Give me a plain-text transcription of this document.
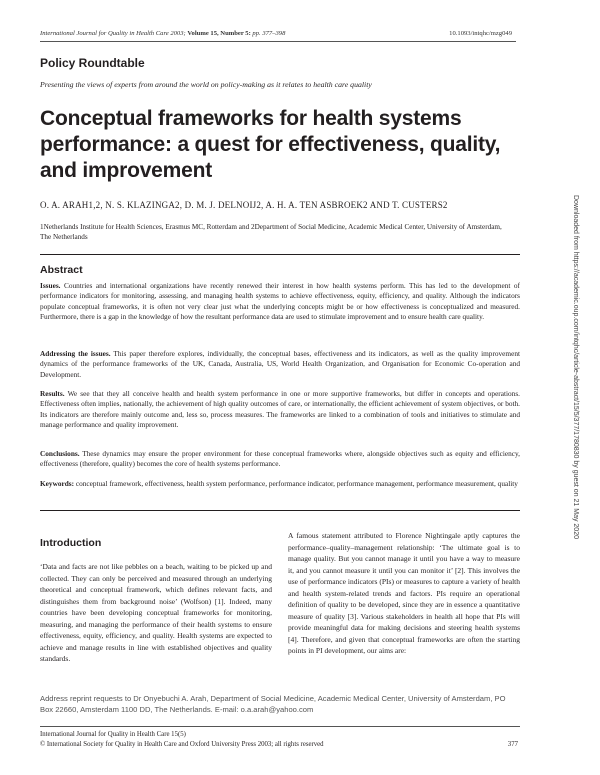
International Journal for Quality in Health Care 2003; Volume 15, Number 5: pp. 377–398	10.1093/intqhc/mzg049
Policy Roundtable
Presenting the views of experts from around the world on policy-making as it relates to health care quality
Conceptual frameworks for health systems performance: a quest for effectiveness, quality, and improvement
O. A. ARAH1,2, N. S. KLAZINGA2, D. M. J. DELNOIJ2, A. H. A. TEN ASBROEK2 AND T. CUSTERS2
1Netherlands Institute for Health Sciences, Erasmus MC, Rotterdam and 2Department of Social Medicine, Academic Medical Center, University of Amsterdam, The Netherlands
Abstract
Issues. Countries and international organizations have recently renewed their interest in how health systems perform. This has led to the development of performance indicators for monitoring, assessing, and managing health systems to achieve effectiveness, equity, efficiency, and quality. Although the indicators populate conceptual frameworks, it is often not very clear just what the underlying concepts might be or how effectiveness is conceptualized and measured. Furthermore, there is a gap in the knowledge of how the resultant performance data are used to stimulate improvement and to ensure health care quality.
Addressing the issues. This paper therefore explores, individually, the conceptual bases, effectiveness and its indicators, as well as the quality improvement dynamics of the performance frameworks of the UK, Canada, Australia, US, World Health Organization, and Organisation for Economic Co-operation and Development.
Results. We see that they all conceive health and health system performance in one or more supportive frameworks, but differ in concepts and operations. Effectiveness often implies, nationally, the achievement of high quality outcomes of care, or internationally, the efficient achievement of system objectives, or both. Its indicators are therefore mainly outcome and, less so, process measures. The frameworks are linked to a combination of tools and initiatives to stimulate and manage performance and quality improvement.
Conclusions. These dynamics may ensure the proper environment for these conceptual frameworks where, alongside objectives such as equity and efficiency, effectiveness (therefore, quality) becomes the core of health systems performance.
Keywords: conceptual framework, effectiveness, health system performance, performance indicator, performance management, performance measurement, quality
Introduction
‘Data and facts are not like pebbles on a beach, waiting to be picked up and collected. They can only be perceived and measured through an underlying theoretical and conceptual framework, which defines relevant facts, and distinguishes them from background noise’ (Wolfson) [1]. Indeed, many countries have been developing conceptual frameworks for monitoring, measuring, and managing the performance of their health systems to ensure effectiveness, equity, efficiency, and quality. Health systems are expected to achieve and manage results in line with established objectives and quality standards.
A famous statement attributed to Florence Nightingale aptly captures the performance–quality–management relationship: ‘The ultimate goal is to manage quality. But you cannot manage it until you have a way to measure it, and you cannot measure it until you can monitor it’ [2]. This involves the use of performance indicators (PIs) or measures to capture a variety of health and health system-related trends and factors. PIs require an operational definition of quality to be developed, since they are in essence a quantitative measure of quality [3]. Various stakeholders in health all hope that PIs will provide meaningful data for making decisions and steering health systems [4]. Therefore, and given that conceptual frameworks are often the starting points in PI development, our aims are:
Address reprint requests to Dr Onyebuchi A. Arah, Department of Social Medicine, Academic Medical Center, University of Amsterdam, PO Box 22660, Amsterdam 1100 DD, The Netherlands. E-mail: o.a.arah@yahoo.com
International Journal for Quality in Health Care 15(5)
© International Society for Quality in Health Care and Oxford University Press 2003; all rights reserved	377
Downloaded from https://academic.oup.com/intqhc/article-abstract/15/5/377/1780830 by guest on 21 May 2020
